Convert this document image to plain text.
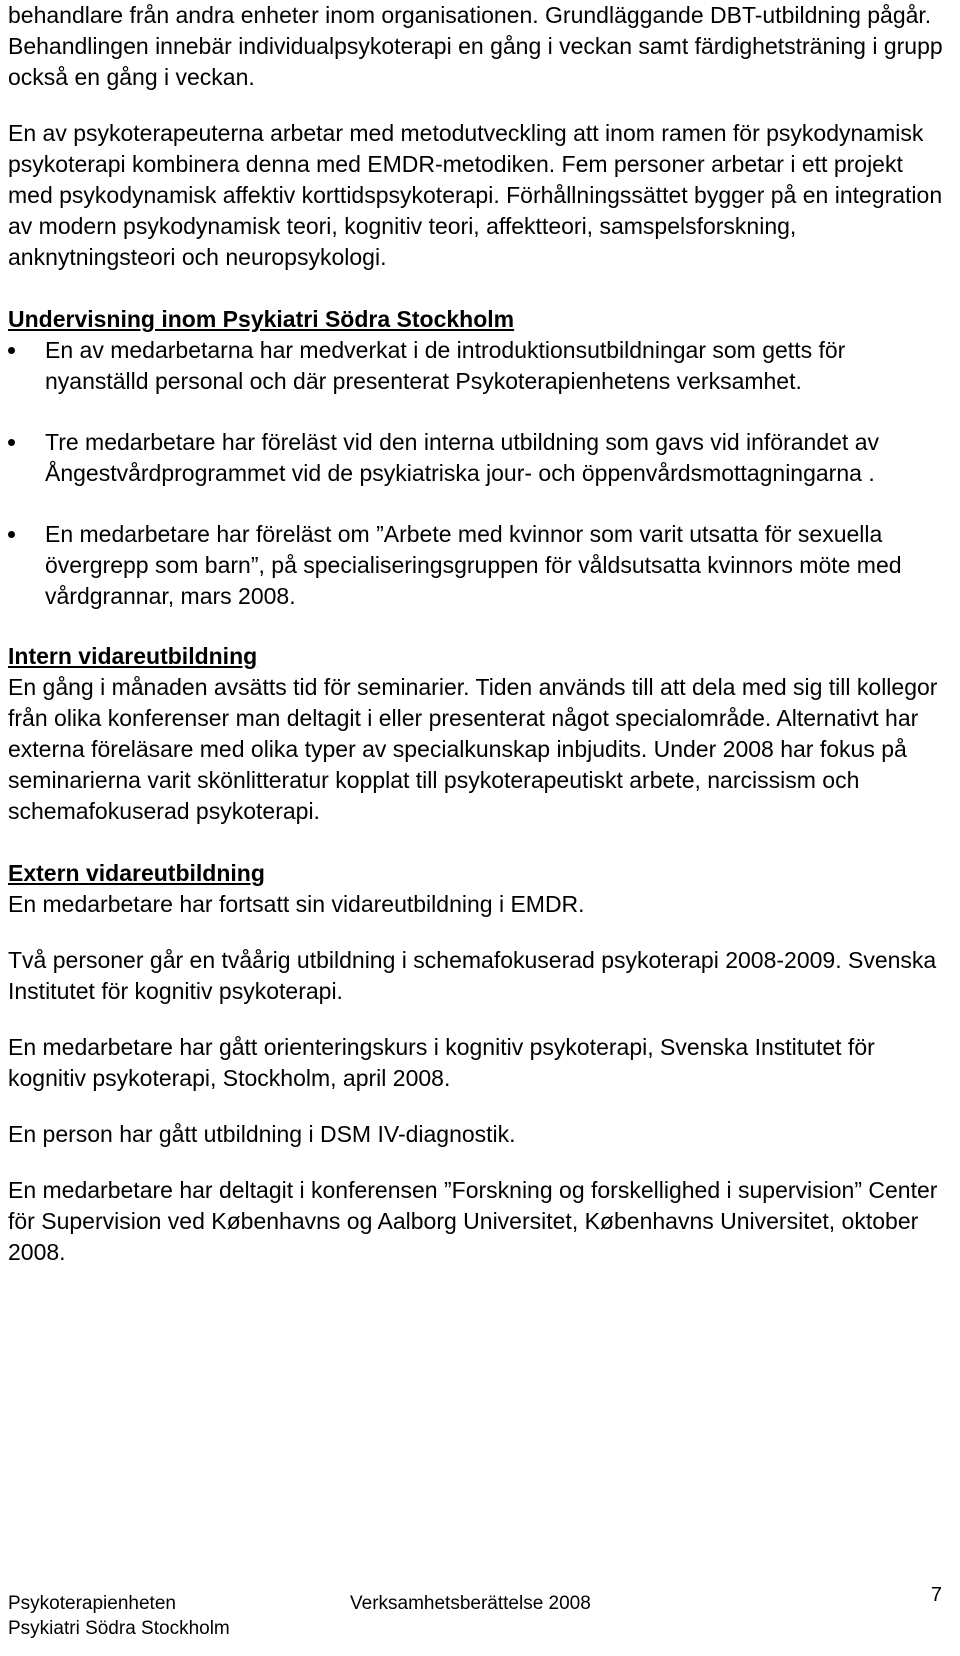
behandlare från andra enheter inom organisationen. Grundläggande DBT-utbildning pågår. Behandlingen innebär individualpsykoterapi en gång i veckan samt färdighetsträning i grupp också en gång i veckan.

En av psykoterapeuterna arbetar med metodutveckling att inom ramen för psykodynamisk psykoterapi kombinera denna med EMDR-metodiken. Fem personer arbetar i ett projekt med psykodynamisk affektiv korttidspsykoterapi. Förhållningssättet bygger på en integration av modern psykodynamisk teori, kognitiv teori, affektteori, samspelsforskning, anknytningsteori och neuropsykologi.

Undervisning inom Psykiatri Södra Stockholm
En av medarbetarna har medverkat i de introduktionsutbildningar som getts för nyanställd personal och där presenterat Psykoterapienhetens verksamhet.
Tre medarbetare har föreläst vid den interna utbildning som gavs vid införandet av Ångestvårdprogrammet vid de psykiatriska jour- och öppenvårdsmottagningarna .
En medarbetare har föreläst om ”Arbete med kvinnor som varit utsatta för sexuella övergrepp som barn”, på specialiseringsgruppen för våldsutsatta kvinnors möte med vårdgrannar, mars 2008.
Intern vidareutbildning

En gång i månaden avsätts tid för seminarier. Tiden används till att dela med sig till kollegor från olika konferenser man deltagit i eller presenterat något specialområde. Alternativt har externa föreläsare med olika typer av specialkunskap inbjudits. Under 2008 har fokus på seminarierna varit skönlitteratur kopplat till psykoterapeutiskt arbete, narcissism och schemafokuserad psykoterapi.

Extern vidareutbildning

En medarbetare har fortsatt sin vidareutbildning i EMDR.

Två personer går en tvåårig utbildning i schemafokuserad psykoterapi 2008-2009. Svenska Institutet för kognitiv psykoterapi.

En medarbetare har gått orienteringskurs i kognitiv psykoterapi, Svenska Institutet för kognitiv psykoterapi, Stockholm, april 2008.

En person har gått utbildning i DSM IV-diagnostik.

En medarbetare har deltagit i konferensen ”Forskning og forskellighed i supervision” Center för Supervision ved Københavns og Aalborg Universitet, Københavns Universitet, oktober 2008.

Psykoterapienheten
Psykiatri Södra Stockholm
Verksamhetsberättelse 2008	7
